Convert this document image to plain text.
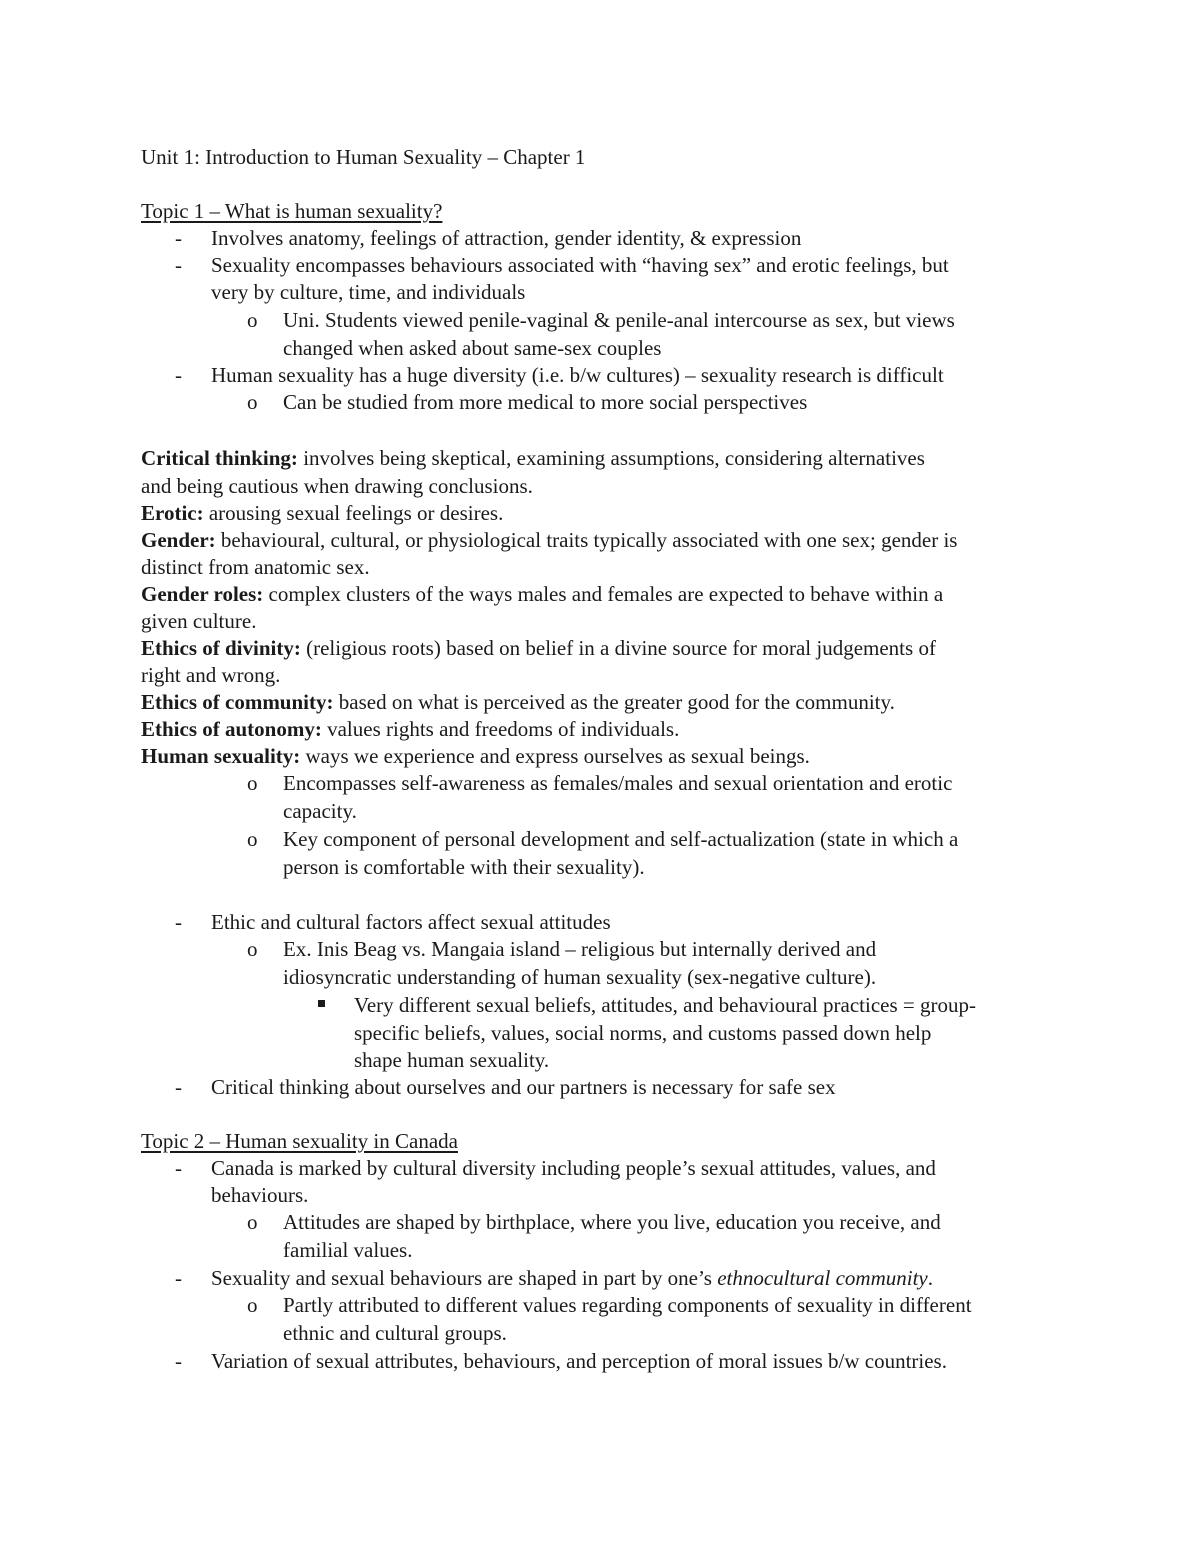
Unit 1: Introduction to Human Sexuality – Chapter 1
Topic 1 – What is human sexuality?
- Involves anatomy, feelings of attraction, gender identity, & expression
- Sexuality encompasses behaviours associated with “having sex” and erotic feelings, but
very by culture, time, and individuals
o Uni. Students viewed penile-vaginal & penile-anal intercourse as sex, but views
changed when asked about same-sex couples
- Human sexuality has a huge diversity (i.e. b/w cultures) – sexuality research is difficult
o Can be studied from more medical to more social perspectives
Critical thinking: involves being skeptical, examining assumptions, considering alternatives
and being cautious when drawing conclusions.
Erotic: arousing sexual feelings or desires.
Gender: behavioural, cultural, or physiological traits typically associated with one sex; gender is
distinct from anatomic sex.
Gender roles: complex clusters of the ways males and females are expected to behave within a
given culture.
Ethics of divinity: (religious roots) based on belief in a divine source for moral judgements of
right and wrong.
Ethics of community: based on what is perceived as the greater good for the community.
Ethics of autonomy: values rights and freedoms of individuals.
Human sexuality: ways we experience and express ourselves as sexual beings.
o Encompasses self-awareness as females/males and sexual orientation and erotic
capacity.
o Key component of personal development and self-actualization (state in which a
person is comfortable with their sexuality).
- Ethic and cultural factors affect sexual attitudes
o Ex. Inis Beag vs. Mangaia island – religious but internally derived and
idiosyncratic understanding of human sexuality (sex-negative culture).
Very different sexual beliefs, attitudes, and behavioural practices = group-
specific beliefs, values, social norms, and customs passed down help
shape human sexuality.
- Critical thinking about ourselves and our partners is necessary for safe sex
Topic 2 – Human sexuality in Canada
- Canada is marked by cultural diversity including people’s sexual attitudes, values, and
behaviours.
o Attitudes are shaped by birthplace, where you live, education you receive, and
familial values.
- Sexuality and sexual behaviours are shaped in part by one’s ethnocultural community.
o Partly attributed to different values regarding components of sexuality in different
ethnic and cultural groups.
- Variation of sexual attributes, behaviours, and perception of moral issues b/w countries.
